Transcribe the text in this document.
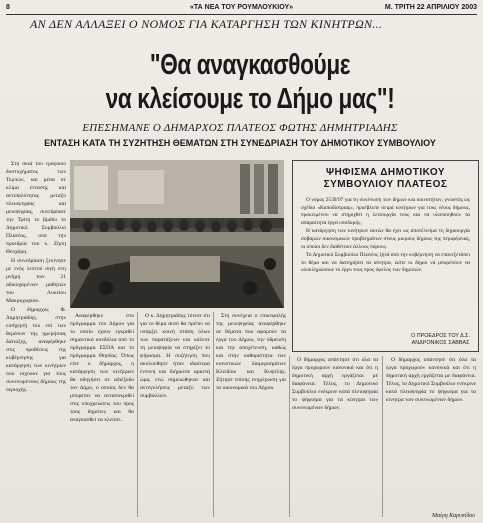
8	«ΤΑ ΝΕΑ ΤΟΥ ΡΟΥΜΛΟΥΚΙΟΥ»	Μ. ΤΡΙΤΗ 22 ΑΠΡΙΛΙΟΥ 2003
ΑΝ ΔΕΝ ΑΛΛΑΞΕΙ Ο ΝΟΜΟΣ ΓΙΑ ΚΑΤΑΡΓΗΣΗ ΤΩΝ ΚΙΝΗΤΡΩΝ...
"Θα αναγκασθούμε
να κλείσουμε το Δήμο μας"!
ΕΠΕΣΗΜΑΝΕ Ο ΔΗΜΑΡΧΟΣ ΠΛΑΤΕΟΣ ΦΩΤΗΣ ΔΗΜΗΤΡΙΑΔΗΣ
ΕΝΤΑΣΗ ΚΑΤΑ ΤΗ ΣΥΖΗΤΗΣΗ ΘΕΜΑΤΩΝ ΣΤΗ ΣΥΝΕΔΡΙΑΣΗ ΤΟΥ ΔΗΜΟΤΙΚΟΥ ΣΥΜΒΟΥΛΙΟΥ

Στη σκιά του τραγικού δυστυχήματος των Τεμπών, και μέσα σε κλίμα έντασης και αντιπαλότητας μεταξύ πλειοψηφίας και μειοψηφίας, συνεδρίασε την Τρίτη το βράδυ το Δημοτικό Συμβούλιο Πλατέος, υπό την προεδρία του κ. Ζήση Θεοχάρη.

Η συνεδρίαση ξεκίνησε με ενός λεπτού σιγή στη μνήμη των 21 αδικοχαμένων μαθητών του Λυκείου Μακρυχωρίου.

Ο δήμαρχος Φ. Δημητριάδης, στην εισήγησή του επί των θεμάτων της ημερήσιας διάταξης, αναφέρθηκε στις προθέσεις της κυβέρνησης για κατάργηση των κινήτρων που ισχύουν για τους συνενωμένους δήμους της περιοχής.

ΨΗΦΙΣΜΑ ΔΗΜΟΤΙΚΟΥ
ΣΥΜΒΟΥΛΙΟΥ ΠΛΑΤΕΟΣ

Ο νόμος 2539/97 για τη συνένωση των δήμων και κοινοτήτων, γνωστός ως σχέδιο «Καποδίστριας», προέβλεπε σειρά κινήτρων για τους νέους δήμους, προκειμένου να στηριχθεί η λειτουργία τους και να υλοποιηθούν τα απαραίτητα έργα υποδομής.

Η κατάργηση των κινήτρων αυτών θα έχει ως αποτέλεσμα τη δημιουργία σοβαρών οικονομικών προβλημάτων στους μικρούς δήμους της περιφέρειας, οι οποίοι δεν διαθέτουν άλλους πόρους.

Το Δημοτικό Συμβούλιο Πλατέος ζητά από την κυβέρνηση να επανεξετάσει το θέμα και να διατηρήσει τα κίνητρα, ώστε οι δήμοι να μπορέσουν να ολοκληρώσουν το έργο τους προς όφελος των δημοτών.

Ο ΠΡΟΕΔΡΟΣ ΤΟΥ Δ.Σ.
ΑΝΔΡΟΝΙΚΟΣ ΣΑΒΒΑΣ

Αναφέρθηκε στο πρόγραμμα του Δήμου για το οποίο έχουν εγκριθεί σημαντικά κονδύλια από το πρόγραμμα ΕΣΠΑ και το πρόγραμμα Θησέας. Όπως είπε ο δήμαρχος, η κατάργηση των κινήτρων θα οδηγήσει σε αδιέξοδο τον Δήμο, ο οποίος δεν θα μπορέσει να ανταποκριθεί στις υποχρεώσεις του προς τους δημότες και θα αναγκασθεί να κλείσει.

Ο κ. Δημητριάδης τόνισε ότι για το θέμα αυτό θα πρέπει να υπάρξει κοινή στάση όλων των παρατάξεων και κάλεσε τη μειοψηφία να στηρίξει το ψήφισμα. Η συζήτηση που ακολούθησε ήταν ιδιαίτερα έντονη και διήρκεσε αρκετή ώρα, ενώ σημειώθηκαν και αντεγκλήσεις μεταξύ των συμβούλων.

Στη συνέχεια ο επικεφαλής της μειοψηφίας αναφέρθηκε σε θέματα που αφορούν τα έργα του Δήμου, την ύδρευση και την αποχέτευση, καθώς και στην καθαριότητα των κοινοτικών διαμερισμάτων Κλειδίου και Κυψέλης. Ζήτησε επίσης ενημέρωση για τα οικονομικά του Δήμου.

Ο δήμαρχος απάντησε ότι όλα τα έργα προχωρούν κανονικά και ότι η δημοτική αρχή εργάζεται με διαφάνεια. Τέλος, το Δημοτικό Συμβούλιο ενέκρινε κατά πλειοψηφία το ψήφισμα για τα κίνητρα των συνενωμένων δήμων.

Ο δήμαρχος απάντησε ότι όλα τα έργα προχωρούν κανονικά και ότι η δημοτική αρχή εργάζεται με διαφάνεια. Τέλος, το Δημοτικό Συμβούλιο ενέκρινε κατά πλειοψηφία το ψήφισμα για τα κίνητρα των συνενωμένων δήμων.

Μαίρη Καρυπίδου
